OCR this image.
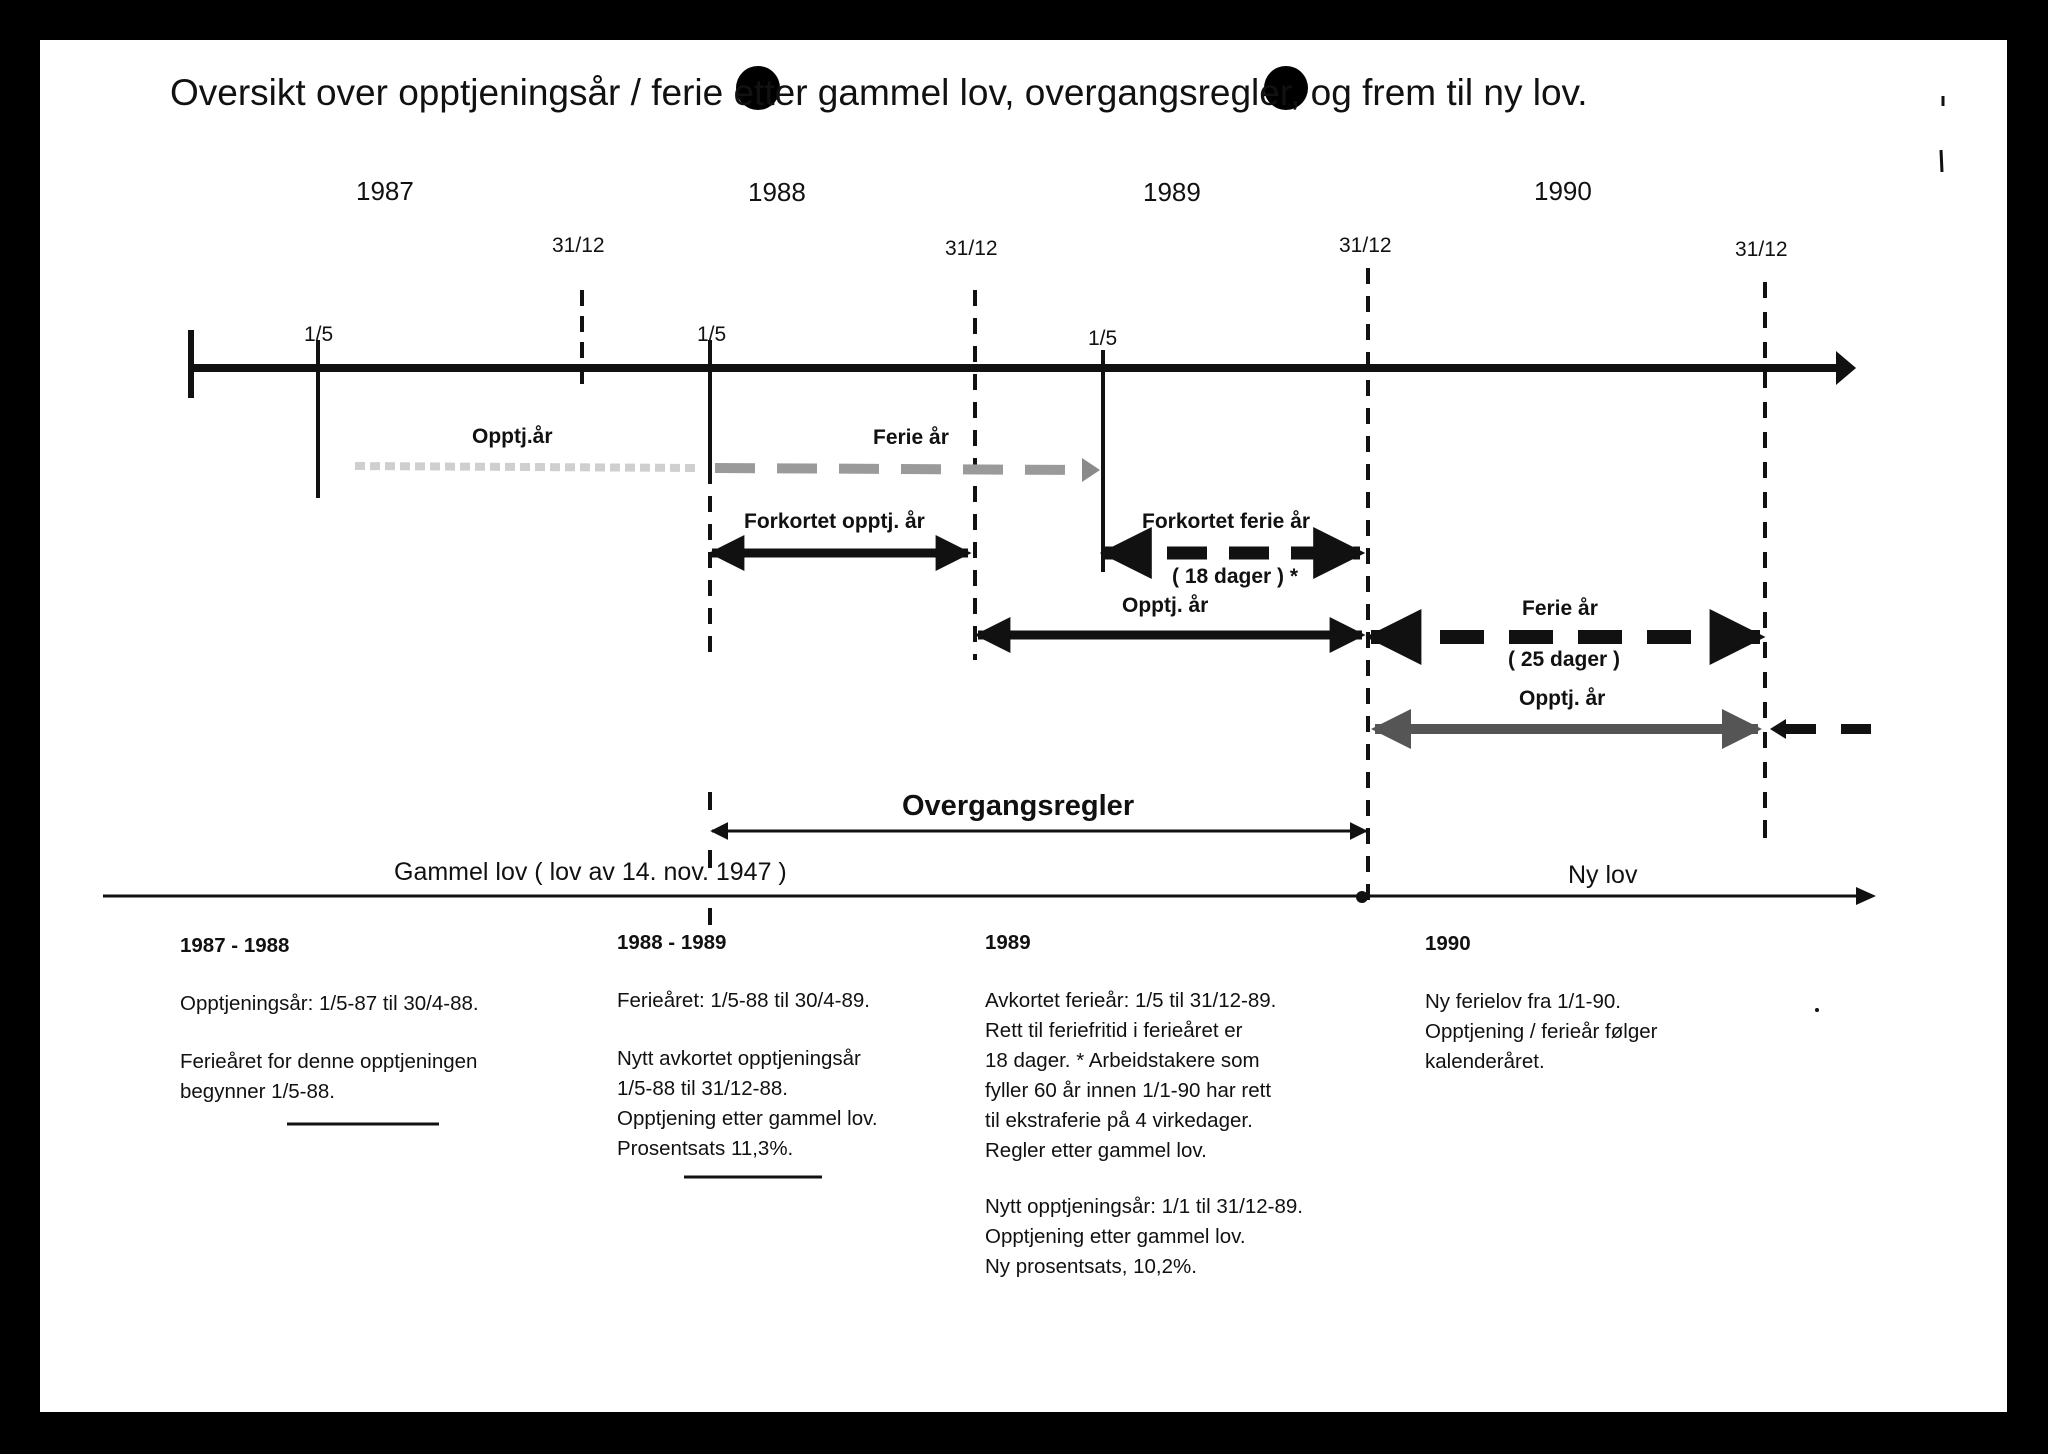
Oversikt over opptjeningsår / ferie etter gammel lov, overgangsregler, og frem til ny lov.
1987	1988	1989	1990
31/12	31/12	31/12	31/12
1/5	1/5	1/5
Opptj.år	Ferie år
Forkortet opptj. år	Forkortet ferie år
( 18 dager ) *
Opptj. år	Ferie år
( 25 dager )
Opptj. år
Overgangsregler
Gammel lov ( lov av 14. nov. 1947 )	Ny lov
1987 - 1988

Opptjeningsår: 1/5-87 til 30/4-88.

Ferieåret for denne opptjeningen
begynner 1/5-88.

1988 - 1989

Ferieåret: 1/5-88 til 30/4-89.

Nytt avkortet opptjeningsår
1/5-88 til 31/12-88.
Opptjening etter gammel lov.
Prosentsats 11,3%.

1989

Avkortet ferieår: 1/5 til 31/12-89.
Rett til feriefritid i ferieåret er
18 dager. * Arbeidstakere som
fyller 60 år innen 1/1-90 har rett
til ekstraferie på 4 virkedager.
Regler etter gammel lov.

Nytt opptjeningsår: 1/1 til 31/12-89.
Opptjening etter gammel lov.
Ny prosentsats, 10,2%.

1990

Ny ferielov fra 1/1-90.
Opptjening / ferieår følger
kalenderåret.
